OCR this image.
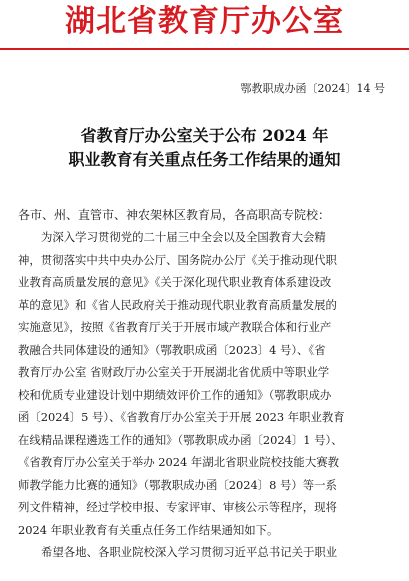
湖北省教育厅办公室
鄂教职成办函〔2024〕14 号
省教育厅办公室关于公布 2024 年
职业教育有关重点任务工作结果的通知
各市、州、直管市、神农架林区教育局，各高职高专院校：
为深入学习贯彻党的二十届三中全会以及全国教育大会精
神，贯彻落实中共中央办公厅、国务院办公厅《关于推动现代职
业教育高质量发展的意见》《关于深化现代职业教育体系建设改
革的意见》和《省人民政府关于推动现代职业教育高质量发展的
实施意见》，按照《省教育厅关于开展市域产教联合体和行业产
教融合共同体建设的通知》（鄂教职成函〔2023〕4 号）、《省
教育厅办公室 省财政厅办公室关于开展湖北省优质中等职业学
校和优质专业建设计划中期绩效评价工作的通知》（鄂教职成办
函〔2024〕5 号）、《省教育厅办公室关于开展 2023 年职业教育
在线精品课程遴选工作的通知》（鄂教职成办函〔2024〕1 号）、
《省教育厅办公室关于举办 2024 年湖北省职业院校技能大赛教
师教学能力比赛的通知》（鄂教职成办函〔2024〕8 号）等一系
列文件精神，经过学校申报、专家评审、审核公示等程序，现将
2024 年职业教育有关重点任务工作结果通知如下。
希望各地、各职业院校深入学习贯彻习近平总书记关于职业
